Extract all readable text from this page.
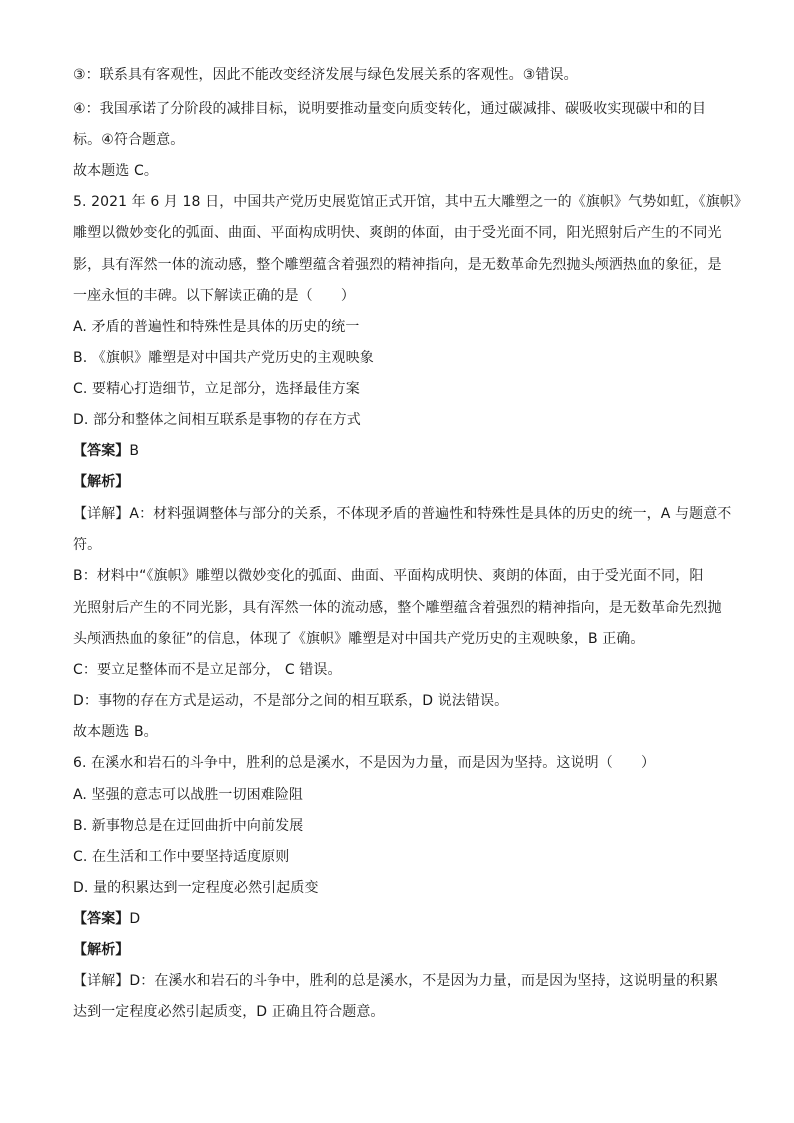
③：联系具有客观性，因此不能改变经济发展与绿色发展关系的客观性。③错误。
④：我国承诺了分阶段的减排目标，说明要推动量变向质变转化，通过碳减排、碳吸收实现碳中和的目
标。④符合题意。
故本题选 C。
5. 2021 年 6 月 18 日，中国共产党历史展览馆正式开馆，其中五大雕塑之一的《旗帜》气势如虹，《旗帜》
雕塑以微妙变化的弧面、曲面、平面构成明快、爽朗的体面，由于受光面不同，阳光照射后产生的不同光
影，具有浑然一体的流动感，整个雕塑蕴含着强烈的精神指向，是无数革命先烈抛头颅洒热血的象征，是
一座永恒的丰碑。以下解读正确的是（　　）
A. 矛盾的普遍性和特殊性是具体的历史的统一
B. 《旗帜》雕塑是对中国共产党历史的主观映象
C. 要精心打造细节，立足部分，选择最佳方案
D. 部分和整体之间相互联系是事物的存在方式
【答案】B
【解析】
【详解】A：材料强调整体与部分的关系，不体现矛盾的普遍性和特殊性是具体的历史的统一，A 与题意不
符。
B：材料中“《旗帜》雕塑以微妙变化的弧面、曲面、平面构成明快、爽朗的体面，由于受光面不同，阳
光照射后产生的不同光影，具有浑然一体的流动感，整个雕塑蕴含着强烈的精神指向，是无数革命先烈抛
头颅洒热血的象征”的信息，体现了《旗帜》雕塑是对中国共产党历史的主观映象，B 正确。
C：要立足整体而不是立足部分， C 错误。
D：事物的存在方式是运动，不是部分之间的相互联系，D 说法错误。
故本题选 B。
6. 在溪水和岩石的斗争中，胜利的总是溪水，不是因为力量，而是因为坚持。这说明（　　）
A. 坚强的意志可以战胜一切困难险阻
B. 新事物总是在迂回曲折中向前发展
C. 在生活和工作中要坚持适度原则
D. 量的积累达到一定程度必然引起质变
【答案】D
【解析】
【详解】D：在溪水和岩石的斗争中，胜利的总是溪水，不是因为力量，而是因为坚持，这说明量的积累
达到一定程度必然引起质变，D 正确且符合题意。
